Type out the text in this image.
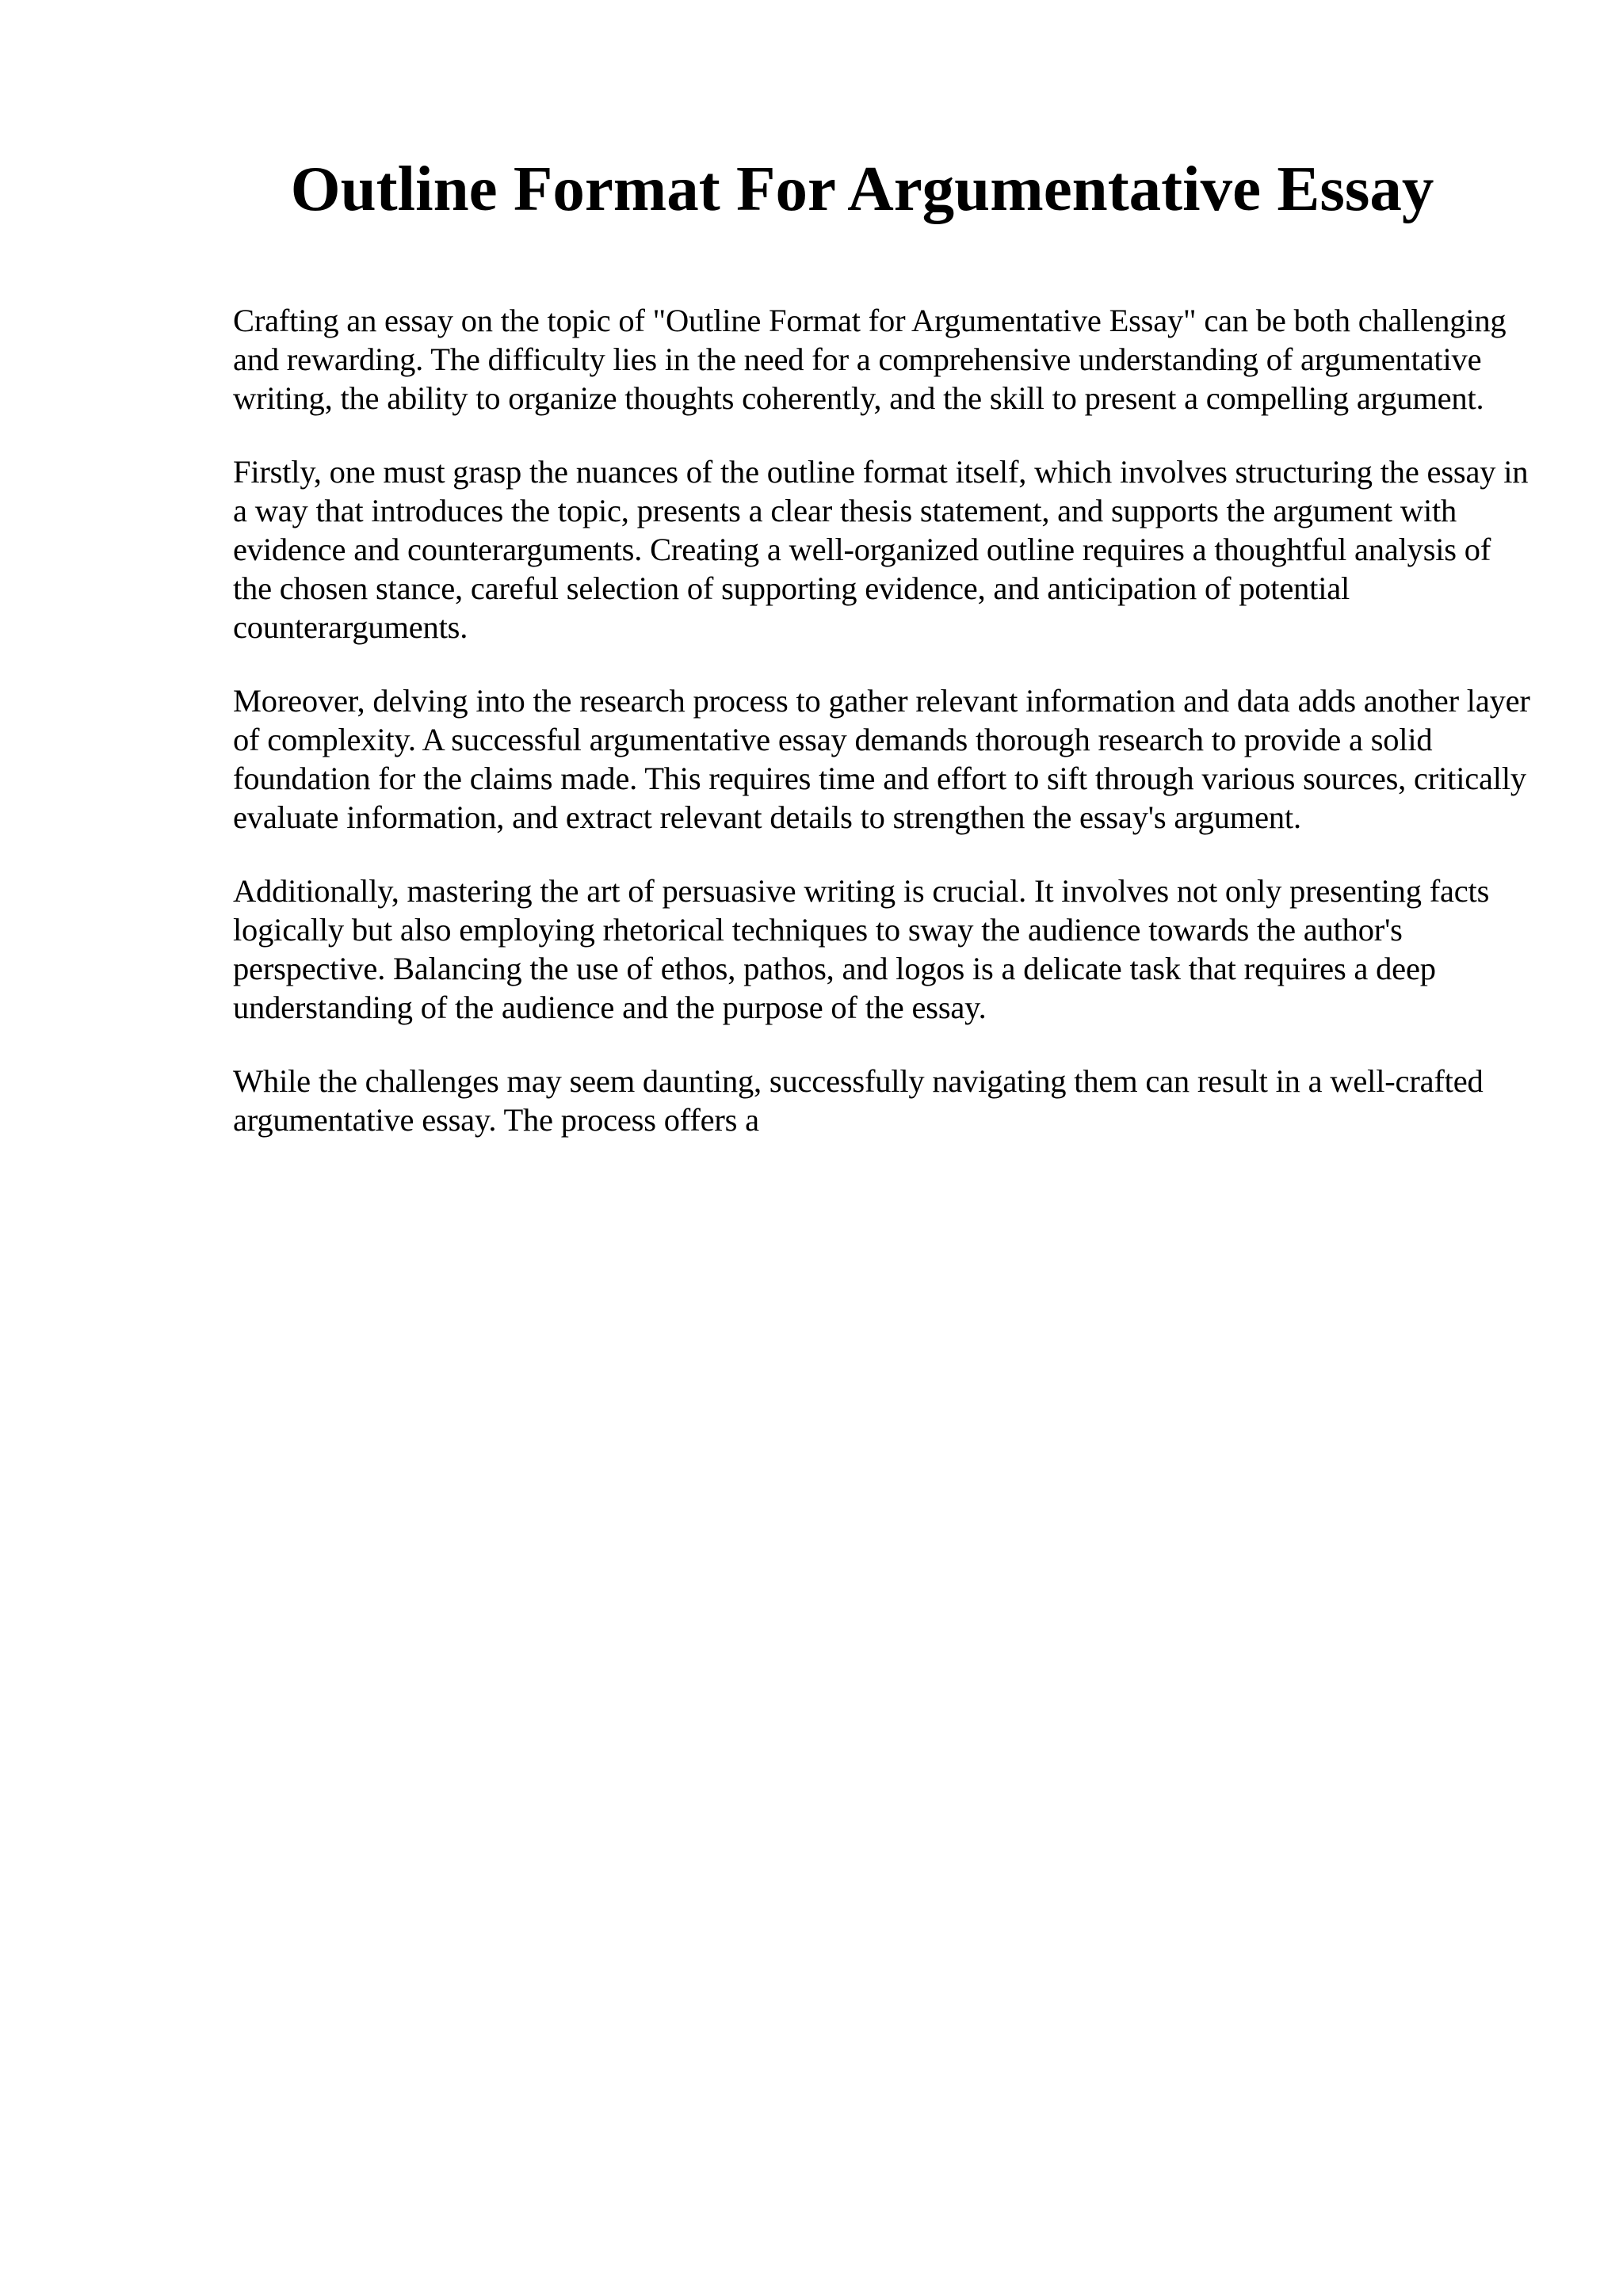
Outline Format For Argumentative Essay

Crafting an essay on the topic of "Outline Format for Argumentative Essay" can be both challenging and rewarding. The difficulty lies in the need for a comprehensive understanding of argumentative writing, the ability to organize thoughts coherently, and the skill to present a compelling argument.

Firstly, one must grasp the nuances of the outline format itself, which involves structuring the essay in a way that introduces the topic, presents a clear thesis statement, and supports the argument with evidence and counterarguments. Creating a well-organized outline requires a thoughtful analysis of the chosen stance, careful selection of supporting evidence, and anticipation of potential counterarguments.

Moreover, delving into the research process to gather relevant information and data adds another layer of complexity. A successful argumentative essay demands thorough research to provide a solid foundation for the claims made. This requires time and effort to sift through various sources, critically evaluate information, and extract relevant details to strengthen the essay's argument.

Additionally, mastering the art of persuasive writing is crucial. It involves not only presenting facts logically but also employing rhetorical techniques to sway the audience towards the author's perspective. Balancing the use of ethos, pathos, and logos is a delicate task that requires a deep understanding of the audience and the purpose of the essay.

While the challenges may seem daunting, successfully navigating them can result in a well-crafted argumentative essay. The process offers a
